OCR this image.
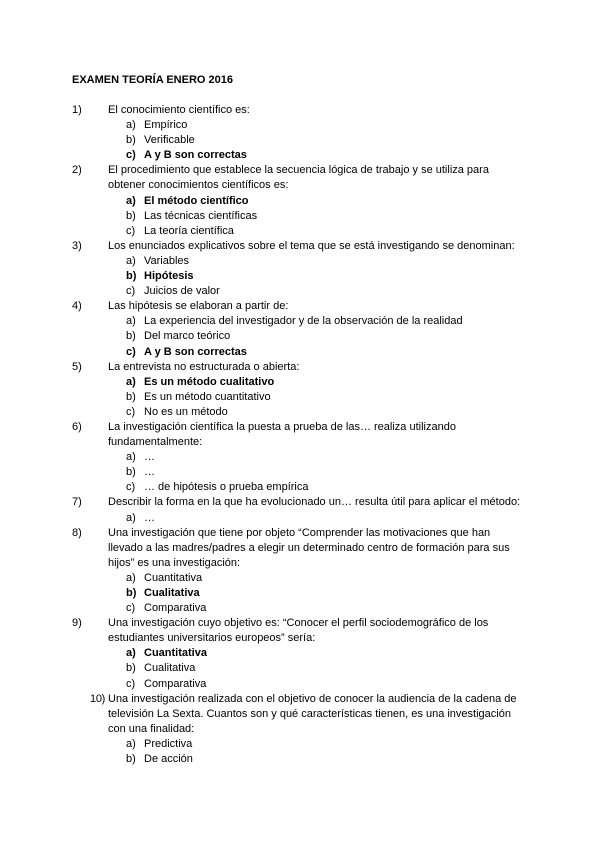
EXAMEN TEORÍA ENERO 2016
1)	El conocimiento científico es:
a) Empírico
b) Verificable
c) A y B son correctas
2)	El procedimiento que establece la secuencia lógica de trabajo y se utiliza para obtener conocimientos científicos es:
a) El método científico
b) Las técnicas científicas
c) La teoría científica
3)	Los enunciados explicativos sobre el tema que se está investigando se denominan:
a) Variables
b) Hipótesis
c) Juicios de valor
4)	Las hipótesis se elaboran a partir de:
a) La experiencia del investigador y de la observación de la realidad
b) Del marco teórico
c) A y B son correctas
5)	La entrevista no estructurada o abierta:
a) Es un método cualitativo
b) Es un método cuantitativo
c) No es un método
6)	La investigación científica la puesta a prueba de las… realiza utilizando fundamentalmente:
a) …
b) …
c) … de hipótesis o prueba empírica
7)	Describir la forma en la que ha evolucionado un… resulta útil para aplicar el método:
a) …
8)	Una investigación que tiene por objeto “Comprender las motivaciones que han llevado a las madres/padres a elegir un determinado centro de formación para sus hijos” es una investigación:
a) Cuantitativa
b) Cualitativa
c) Comparativa
9)	Una investigación cuyo objetivo es: “Conocer el perfil sociodemográfico de los estudiantes universitarios europeos” sería:
a) Cuantitativa
b) Cualitativa
c) Comparativa
10) Una investigación realizada con el objetivo de conocer la audiencia de la cadena de televisión La Sexta. Cuantos son y qué características tienen, es una investigación con una finalidad:
a) Predictiva
b) De acción
